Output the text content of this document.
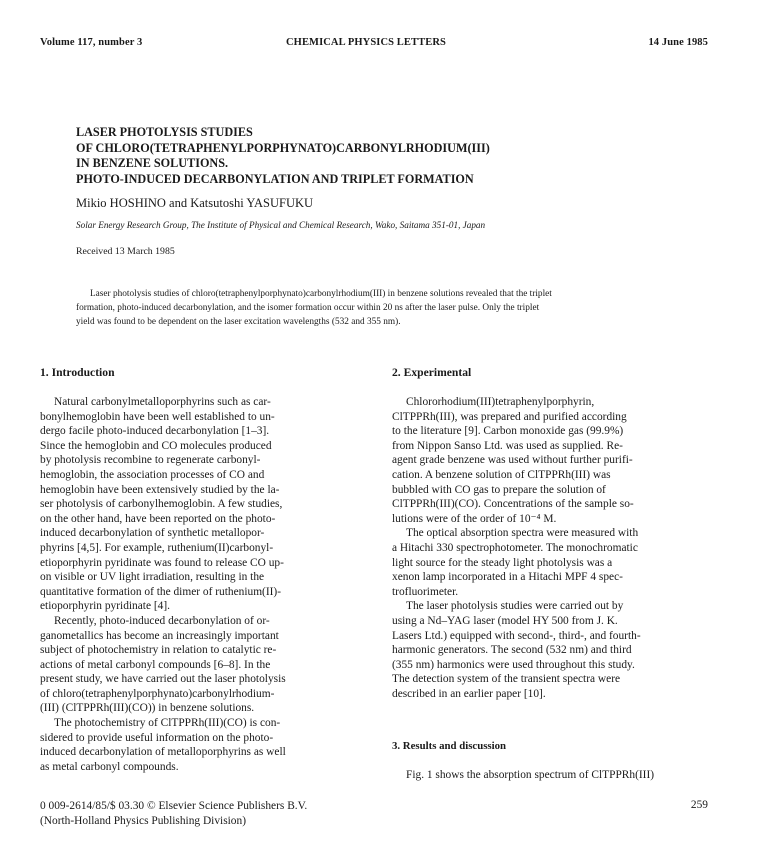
Volume 117, number 3	CHEMICAL PHYSICS LETTERS	14 June 1985
LASER PHOTOLYSIS STUDIES
OF CHLORO(TETRAPHENYLPORPHYNATO)CARBONYLRHODIUM(III)
IN BENZENE SOLUTIONS.
PHOTO-INDUCED DECARBONYLATION AND TRIPLET FORMATION
Mikio HOSHINO and Katsutoshi YASUFUKU
Solar Energy Research Group, The Institute of Physical and Chemical Research, Wako, Saitama 351-01, Japan
Received 13 March 1985
Laser photolysis studies of chloro(tetraphenylporphynato)carbonylrhodium(III) in benzene solutions revealed that the triplet
formation, photo-induced decarbonylation, and the isomer formation occur within 20 ns after the laser pulse. Only the triplet
yield was found to be dependent on the laser excitation wavelengths (532 and 355 nm).
1. Introduction	2. Experimental
Natural carbonylmetalloporphyrins such as car-
bonylhemoglobin have been well established to un-
dergo facile photo-induced decarbonylation [1–3].
Since the hemoglobin and CO molecules produced
by photolysis recombine to regenerate carbonyl-
hemoglobin, the association processes of CO and
hemoglobin have been extensively studied by the la-
ser photolysis of carbonylhemoglobin. A few studies,
on the other hand, have been reported on the photo-
induced decarbonylation of synthetic metallopor-
phyrins [4,5]. For example, ruthenium(II)carbonyl-
etioporphyrin pyridinate was found to release CO up-
on visible or UV light irradiation, resulting in the
quantitative formation of the dimer of ruthenium(II)-
etioporphyrin pyridinate [4].
Recently, photo-induced decarbonylation of or-
ganometallics has become an increasingly important
subject of photochemistry in relation to catalytic re-
actions of metal carbonyl compounds [6–8]. In the
present study, we have carried out the laser photolysis
of chloro(tetraphenylporphynato)carbonylrhodium-
(III) (ClTPPRh(III)(CO)) in benzene solutions.
The photochemistry of ClTPPRh(III)(CO) is con-
sidered to provide useful information on the photo-
induced decarbonylation of metalloporphyrins as well
as metal carbonyl compounds.
Chlororhodium(III)tetraphenylporphyrin,
ClTPPRh(III), was prepared and purified according
to the literature [9]. Carbon monoxide gas (99.9%)
from Nippon Sanso Ltd. was used as supplied. Re-
agent grade benzene was used without further purifi-
cation. A benzene solution of ClTPPRh(III) was
bubbled with CO gas to prepare the solution of
ClTPPRh(III)(CO). Concentrations of the sample so-
lutions were of the order of 10⁻⁴ M.
The optical absorption spectra were measured with
a Hitachi 330 spectrophotometer. The monochromatic
light source for the steady light photolysis was a
xenon lamp incorporated in a Hitachi MPF 4 spec-
trofluorimeter.
The laser photolysis studies were carried out by
using a Nd–YAG laser (model HY 500 from J. K.
Lasers Ltd.) equipped with second-, third-, and fourth-
harmonic generators. The second (532 nm) and third
(355 nm) harmonics were used throughout this study.
The detection system of the transient spectra were
described in an earlier paper [10].
3. Results and discussion
Fig. 1 shows the absorption spectrum of ClTPPRh(III)
0 009-2614/85/$ 03.30 © Elsevier Science Publishers B.V.
(North-Holland Physics Publishing Division)
259
